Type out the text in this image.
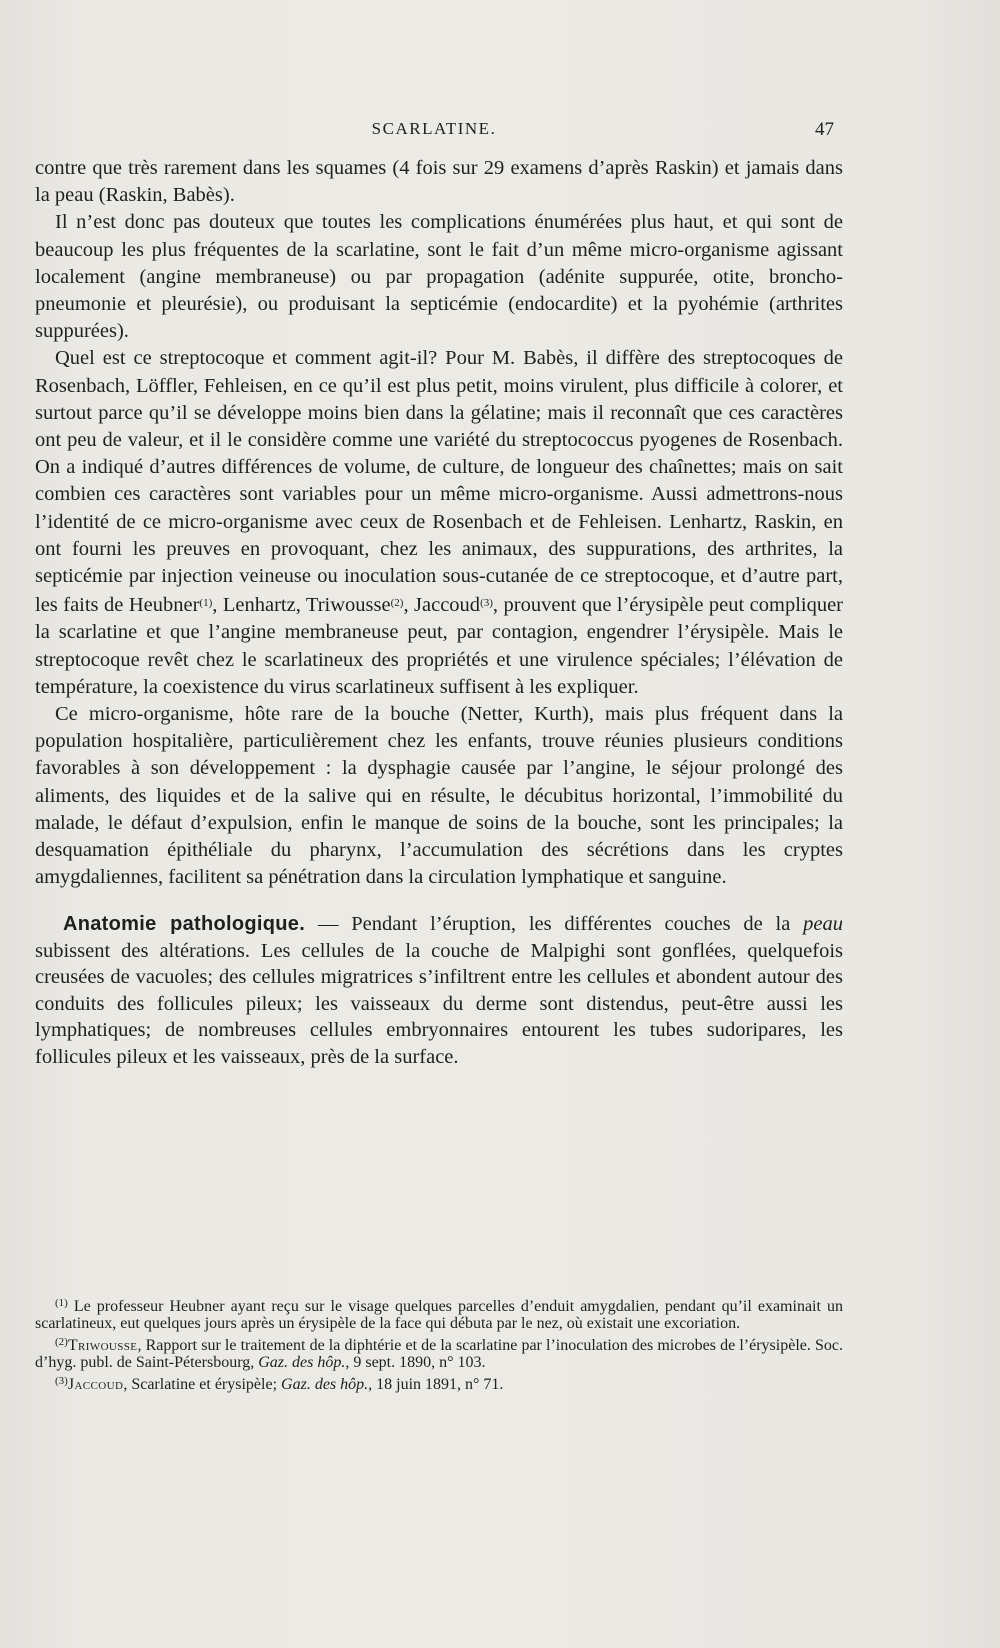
SCARLATINE.	47

contre que très rarement dans les squames (4 fois sur 29 examens d’après Raskin) et jamais dans la peau (Raskin, Babès).

Il n’est donc pas douteux que toutes les complications énumérées plus haut, et qui sont de beaucoup les plus fréquentes de la scarlatine, sont le fait d’un même micro-organisme agissant localement (angine membraneuse) ou par propagation (adénite suppurée, otite, broncho-pneumonie et pleurésie), ou produisant la septicémie (endocardite) et la pyohémie (arthrites suppurées).

Quel est ce streptocoque et comment agit-il? Pour M. Babès, il diffère des streptocoques de Rosenbach, Löffler, Fehleisen, en ce qu’il est plus petit, moins virulent, plus difficile à colorer, et surtout parce qu’il se développe moins bien dans la gélatine; mais il reconnaît que ces caractères ont peu de valeur, et il le considère comme une variété du streptococcus pyogenes de Rosenbach. On a indiqué d’autres différences de volume, de culture, de longueur des chaînettes; mais on sait combien ces caractères sont variables pour un même micro-organisme. Aussi admettrons-nous l’identité de ce micro-organisme avec ceux de Rosenbach et de Fehleisen. Lenhartz, Raskin, en ont fourni les preuves en provoquant, chez les animaux, des suppurations, des arthrites, la septicémie par injection veineuse ou inoculation sous-cutanée de ce streptocoque, et d’autre part, les faits de Heubner$^{(1)}$, Lenhartz, Triwousse$^{(2)}$, Jaccoud$^{(3)}$, prouvent que l’érysipèle peut compliquer la scarlatine et que l’angine membraneuse peut, par contagion, engendrer l’érysipèle. Mais le streptocoque revêt chez le scarlatineux des propriétés et une virulence spéciales; l’élévation de température, la coexistence du virus scarlatineux suffisent à les expliquer.

Ce micro-organisme, hôte rare de la bouche (Netter, Kurth), mais plus fréquent dans la population hospitalière, particulièrement chez les enfants, trouve réunies plusieurs conditions favorables à son développement : la dysphagie causée par l’angine, le séjour prolongé des aliments, des liquides et de la salive qui en résulte, le décubitus horizontal, l’immobilité du malade, le défaut d’expulsion, enfin le manque de soins de la bouche, sont les principales; la desquamation épithéliale du pharynx, l’accumulation des sécrétions dans les cryptes amygdaliennes, facilitent sa pénétration dans la circulation lymphatique et sanguine.

Anatomie pathologique. — Pendant l’éruption, les différentes couches de la peau subissent des altérations. Les cellules de la couche de Malpighi sont gonflées, quelquefois creusées de vacuoles; des cellules migratrices s’infiltrent entre les cellules et abondent autour des conduits des follicules pileux; les vaisseaux du derme sont distendus, peut-être aussi les lymphatiques; de nombreuses cellules embryonnaires entourent les tubes sudoripares, les follicules pileux et les vaisseaux, près de la surface.

$^{(1)}$ Le professeur Heubner ayant reçu sur le visage quelques parcelles d’enduit amygdalien, pendant qu’il examinait un scarlatineux, eut quelques jours après un érysipèle de la face qui débuta par le nez, où existait une excoriation.

$^{(2)}$Triwousse, Rapport sur le traitement de la diphtérie et de la scarlatine par l’inoculation des microbes de l’érysipèle. Soc. d’hyg. publ. de Saint-Pétersbourg, Gaz. des hôp., 9 sept. 1890, n° 103.

$^{(3)}$Jaccoud, Scarlatine et érysipèle; Gaz. des hôp., 18 juin 1891, n° 71.
